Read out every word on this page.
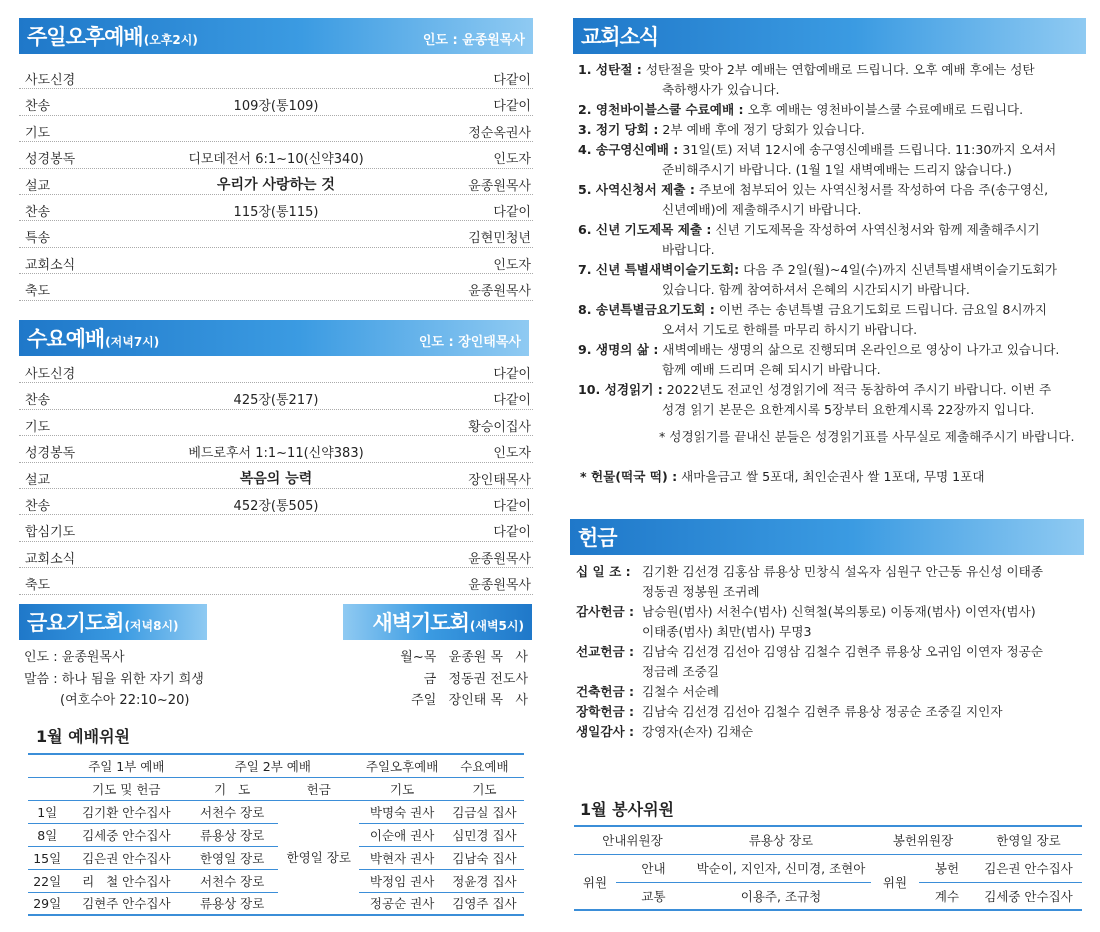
주일오후예배 (오후2시)	인도 : 윤종원목사
사도신경	다같이
찬송	109장(통109)	다같이
기도	정순옥권사
성경봉독	디모데전서 6:1~10(신약340)	인도자
설교	우리가 사랑하는 것	윤종원목사
찬송	115장(통115)	다같이
특송	김현민청년
교회소식	인도자
축도	윤종원목사
수요예배 (저녁7시)	인도 : 장인태목사
사도신경	다같이
찬송	425장(통217)	다같이
기도	황승이집사
성경봉독	베드로후서 1:1~11(신약383)	인도자
설교	복음의 능력	장인태목사
찬송	452장(통505)	다같이
합심기도	다같이
교회소식	윤종원목사
축도	윤종원목사
금요기도회 (저녁8시)	새벽기도회 (새벽5시)
인도 : 윤종원목사
말씀 : 하나 됨을 위한 자기 희생
(여호수아 22:10~20)
월~목   윤종원 목   사
금   정동권 전도사
주일   장인태 목   사
1월 예배위원
	주일 1부 예배	주일 2부 예배		주일오후예배	수요예배
	기도 및 헌금	기   도	헌금	기도	기도
1일	김기환 안수집사	서천수 장로	한영일 장로	박명숙 권사	김금실 집사
8일	김세중 안수집사	류용상 장로		이순애 권사	심민경 집사
15일	김은권 안수집사	한영일 장로		박현자 권사	김남숙 집사
22일	리   철 안수집사	서천수 장로		박정임 권사	정윤경 집사
29일	김현주 안수집사	류용상 장로		정공순 권사	김영주 집사
교회소식
1. 성탄절 :
성탄절을 맞아 2부 예배는 연합예배로 드립니다. 오후 예배 후에는 성탄
축하행사가 있습니다.
2. 영천바이블스쿨 수료예배 :
오후 예배는 영천바이블스쿨 수료예배로 드립니다.
3. 정기 당회 :
2부 예배 후에 정기 당회가 있습니다.
4. 송구영신예배 :
31일(토) 저녁 12시에 송구영신예배를 드립니다. 11:30까지 오셔서
준비해주시기 바랍니다. (1월 1일 새벽예배는 드리지 않습니다.)
5. 사역신청서 제출 :
주보에 첨부되어 있는 사역신청서를 작성하여 다음 주(송구영신,
신년예배)에 제출해주시기 바랍니다.
6. 신년 기도제목 제출 :
신년 기도제목을 작성하여 사역신청서와 함께 제출해주시기
바랍니다.
7. 신년 특별새벽이슬기도회:
다음 주 2일(월)~4일(수)까지 신년특별새벽이슬기도회가
있습니다. 함께 참여하셔서 은혜의 시간되시기 바랍니다.
8. 송년특별금요기도회 :
이번 주는 송년특별 금요기도회로 드립니다. 금요일 8시까지
오셔서 기도로 한해를 마무리 하시기 바랍니다.
9. 생명의 삶 :
새벽예배는 생명의 삶으로 진행되며 온라인으로 영상이 나가고 있습니다.
함께 예배 드리며 은혜 되시기 바랍니다.
10. 성경읽기 :
2022년도 전교인 성경읽기에 적극 동참하여 주시기 바랍니다. 이번 주
성경 읽기 본문은 요한계시록 5장부터 요한계시록 22장까지 입니다.
* 성경읽기를 끝내신 분들은 성경읽기표를 사무실로 제출해주시기 바랍니다.
* 헌물(떡국 떡) : 새마을금고 쌀 5포대, 최인순권사 쌀 1포대, 무명 1포대
헌금
십 일 조 : 김기환 김선경 김홍삼 류용상 민창식 설옥자 심원구 안근동 유신성 이태종
정동권 정봉원 조귀례
감사헌금 : 남승원(범사) 서천수(범사) 신혁철(복의통로) 이동재(범사) 이연자(범사)
이태종(범사) 최만(범사) 무명3
선교헌금 : 김남숙 김선경 김선아 김영삼 김철수 김현주 류용상 오귀임 이연자 정공순
정금례 조중길
건축헌금 : 김철수 서순례
장학헌금 : 김남숙 김선경 김선아 김철수 김현주 류용상 정공순 조중길 지인자
생일감사 : 강영자(손자) 김채순
1월 봉사위원
안내위원장		류용상 장로	봉헌위원장		한영일 장로
위원	안내	박순이, 지인자, 신미경, 조현아	위원	봉헌	김은권 안수집사
	교통	이용주, 조규청		계수	김세중 안수집사
